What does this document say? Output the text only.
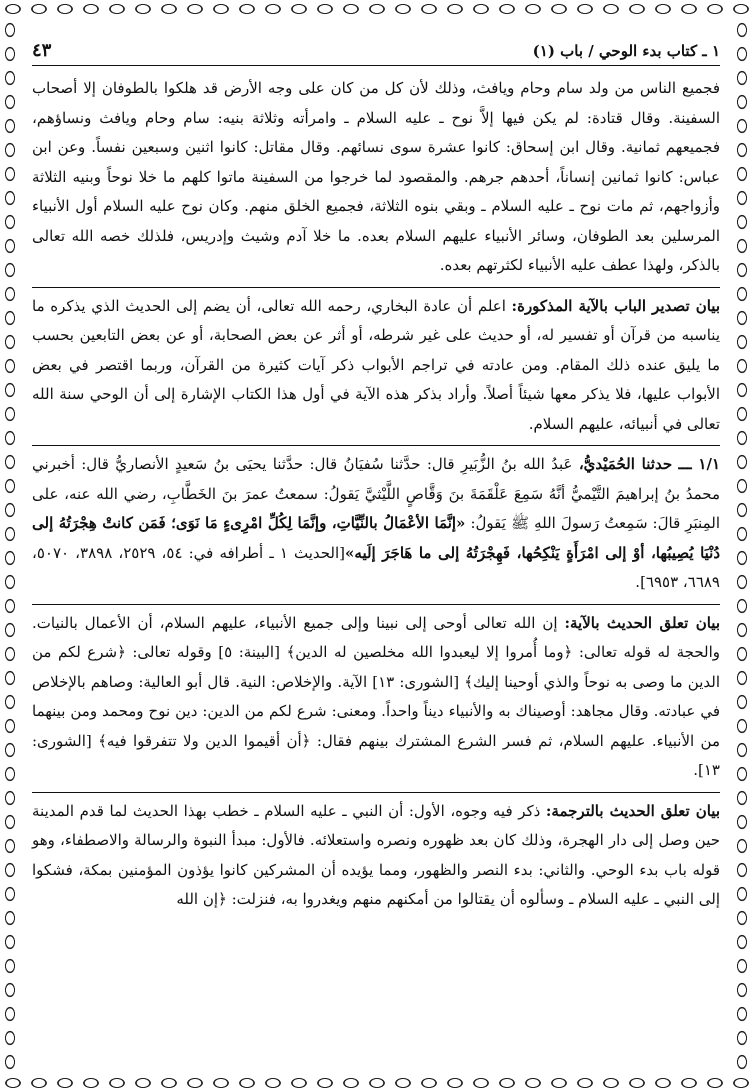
١ ـ كتاب بدء الوحي / باب (١)
٤٣

فجميع الناس من ولد سام وحام ويافث، وذلك لأن كل من كان على وجه الأرض قد هلكوا بالطوفان إلا أصحاب السفينة. وقال قتادة: لم يكن فيها إلاَّ نوح ـ عليه السلام ـ وامرأته وثلاثة بنيه: سام وحام ويافث ونساؤهم، فجميعهم ثمانية. وقال ابن إسحاق: كانوا عشرة سوى نسائهم. وقال مقاتل: كانوا اثنين وسبعين نفساً. وعن ابن عباس: كانوا ثمانين إنساناً، أحدهم جرهم. والمقصود لما خرجوا من السفينة ماتوا كلهم ما خلا نوحاً وبنيه الثلاثة وأزواجهم، ثم مات نوح ـ عليه السلام ـ وبقي بنوه الثلاثة، فجميع الخلق منهم. وكان نوح عليه السلام أول الأنبياء المرسلين بعد الطوفان، وسائر الأنبياء عليهم السلام بعده. ما خلا آدم وشيث وإدريس، فلذلك خصه الله تعالى بالذكر، ولهذا عطف عليه الأنبياء لكثرتهم بعده.

بيان تصدير الباب بالآية المذكورة: اعلم أن عادة البخاري، رحمه الله تعالى، أن يضم إلى الحديث الذي يذكره ما يناسبه من قرآن أو تفسير له، أو حديث على غير شرطه، أو أثر عن بعض الصحابة، أو عن بعض التابعين بحسب ما يليق عنده ذلك المقام. ومن عادته في تراجم الأبواب ذكر آيات كثيرة من القرآن، وربما اقتصر في بعض الأبواب عليها، فلا يذكر معها شيئاً أصلاً. وأراد بذكر هذه الآية في أول هذا الكتاب الإشارة إلى أن الوحي سنة الله تعالى في أنبيائه، عليهم السلام.

١/١ ـــ حدثنا الحُمَيْديُّ، عَبدُ الله بنُ الزُّبَيرِ قال: حدَّثنا سُفيَانُ قال: حدَّثنا يحيَى بنُ سَعيدٍ الأنصاريُّ قال: أخبرني محمدُ بنُ إبراهيمَ التَّيْميُّ أنَّهُ سَمِعَ عَلْقَمَةَ بنَ وَقَّاصٍ اللَّيْثيَّ يَقولُ: سمعتُ عمرَ بنَ الخَطَّابِ، رضي الله عنه، على المِنبَرِ قالَ: سَمِعتُ رَسولَ اللهِ ﷺ يَقولُ: «إنَّمَا الأعْمَالُ بالنِّيَّاتِ، وإنَّمَا لِكُلِّ امْرِىءٍ مَا نَوَى؛ فَمَن كانتْ هِجْرَتُهُ إلى دُنْيَا يُصِيبُها، أوْ إلى امْرَأَةٍ يَنْكِحُها، فَهِجْرَتُهُ إلى ما هَاجَرَ إلَيه»[الحديث ١ ـ أطرافه في: ٥٤، ٢٥٢٩، ٣٨٩٨، ٥٠٧٠، ٦٦٨٩، ٦٩٥٣].

بيان تعلق الحديث بالآية: إن الله تعالى أوحى إلى نبينا وإلى جميع الأنبياء، عليهم السلام، أن الأعمال بالنيات. والحجة له قوله تعالى: ﴿وما أُمروا إلا ليعبدوا الله مخلصين له الدين﴾ [البينة: ٥] وقوله تعالى: ﴿شرع لكم من الدين ما وصى به نوحاً والذي أوحينا إليك﴾ [الشورى: ١٣] الآية. والإخلاص: النية. قال أبو العالية: وصاهم بالإخلاص في عبادته. وقال مجاهد: أوصيناك به والأنبياء ديناً واحداً. ومعنى: شرع لكم من الدين: دين نوح ومحمد ومن بينهما من الأنبياء. عليهم السلام، ثم فسر الشرع المشترك بينهم فقال: ﴿أن أقيموا الدين ولا تتفرقوا فيه﴾ [الشورى: ١٣].

بيان تعلق الحديث بالترجمة: ذكر فيه وجوه، الأول: أن النبي ـ عليه السلام ـ خطب بهذا الحديث لما قدم المدينة حين وصل إلى دار الهجرة، وذلك كان بعد ظهوره ونصره واستعلائه. فالأول: مبدأ النبوة والرسالة والاصطفاء، وهو قوله باب بدء الوحي. والثاني: بدء النصر والظهور، ومما يؤيده أن المشركين كانوا يؤذون المؤمنين بمكة، فشكوا إلى النبي ـ عليه السلام ـ وسألوه أن يقتالوا من أمكنهم منهم ويغدروا به، فنزلت: ﴿إن الله
